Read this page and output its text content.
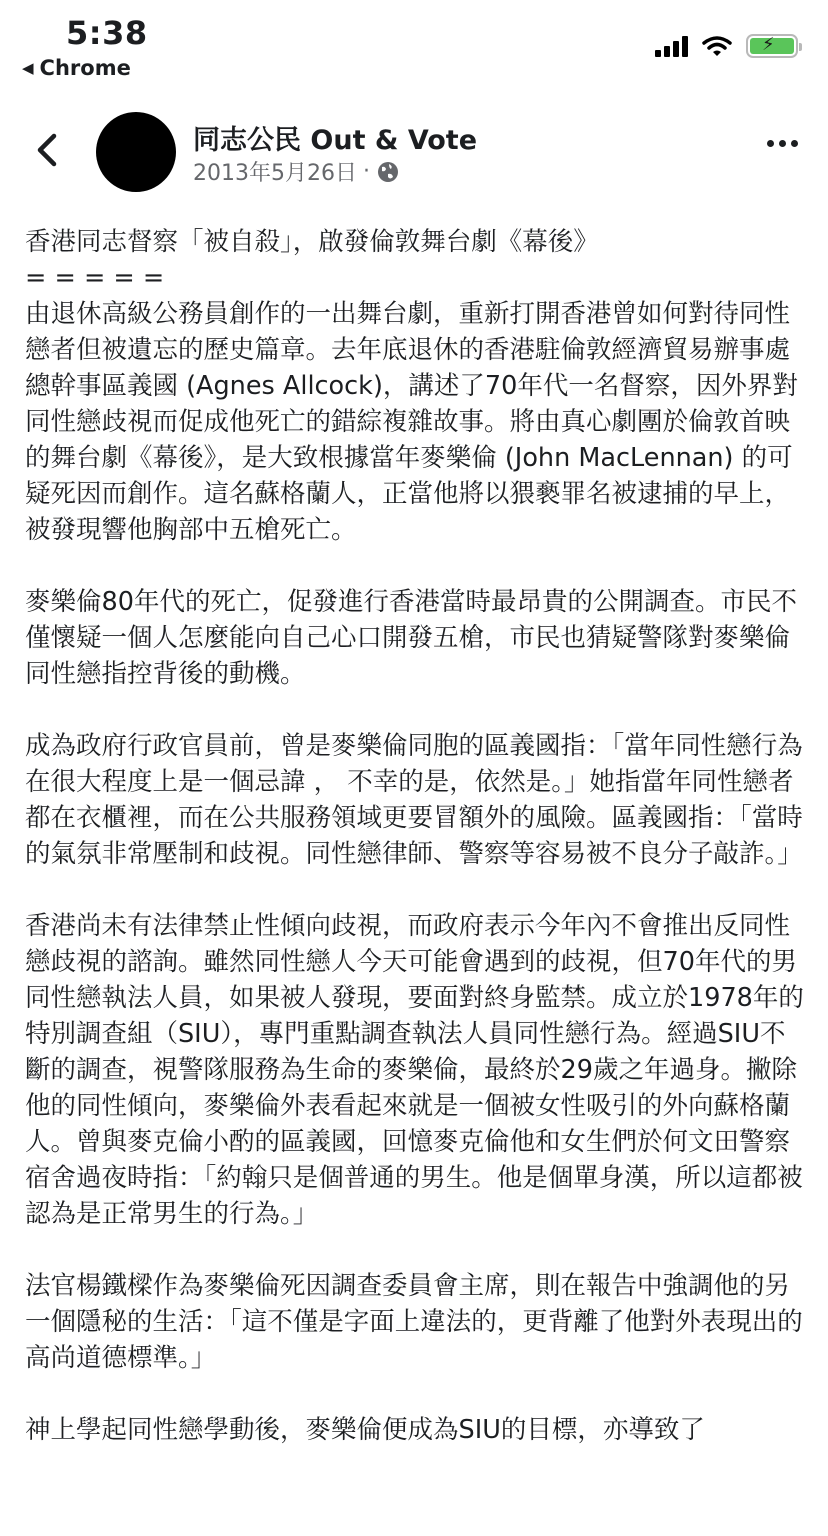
5:38
◀ Chrome
⚡
同志公民 Out & Vote
2013年5月26日 ·

香港同志督察「被自殺」，啟發倫敦舞台劇《幕後》
= = = = =
由退休高級公務員創作的一出舞台劇，重新打開香港曾如何對待同性戀者但被遺忘的歷史篇章。去年底退休的香港駐倫敦經濟貿易辦事處總幹事區義國 (Agnes Allcock)，講述了70年代一名督察，因外界對同性戀歧視而促成他死亡的錯綜複雜故事。將由真心劇團於倫敦首映的舞台劇《幕後》，是大致根據當年麥樂倫 (John MacLennan) 的可疑死因而創作。這名蘇格蘭人，正當他將以猥褻罪名被逮捕的早上，被發現響他胸部中五槍死亡。

麥樂倫80年代的死亡，促發進行香港當時最昂貴的公開調查。市民不僅懷疑一個人怎麼能向自己心口開發五槍，市民也猜疑警隊對麥樂倫同性戀指控背後的動機。

成為政府行政官員前，曾是麥樂倫同胞的區義國指：「當年同性戀行為在很大程度上是一個忌諱 ， 不幸的是，依然是。」她指當年同性戀者都在衣櫃裡，而在公共服務領域更要冒額外的風險。區義國指：「當時的氣氛非常壓制和歧視。同性戀律師、警察等容易被不良分子敲詐。」

香港尚未有法律禁止性傾向歧視，而政府表示今年內不會推出反同性戀歧視的諮詢。雖然同性戀人今天可能會遇到的歧視，但70年代的男同性戀執法人員，如果被人發現，要面對終身監禁。成立於1978年的特別調查組（SIU），專門重點調查執法人員同性戀行為。經過SIU不斷的調查，視警隊服務為生命的麥樂倫，最終於29歲之年過身。撇除他的同性傾向，麥樂倫外表看起來就是一個被女性吸引的外向蘇格蘭人。曾與麥克倫小酌的區義國，回憶麥克倫他和女生們於何文田警察宿舍過夜時指：「約翰只是個普通的男生。他是個單身漢，所以這都被認為是正常男生的行為。」

法官楊鐵樑作為麥樂倫死因調查委員會主席，則在報告中強調他的另一個隱秘的生活：「這不僅是字面上違法的，更背離了他對外表現出的高尚道德標準。」

神上學起同性戀學動後，麥樂倫便成為SIU的目標，亦導致了
